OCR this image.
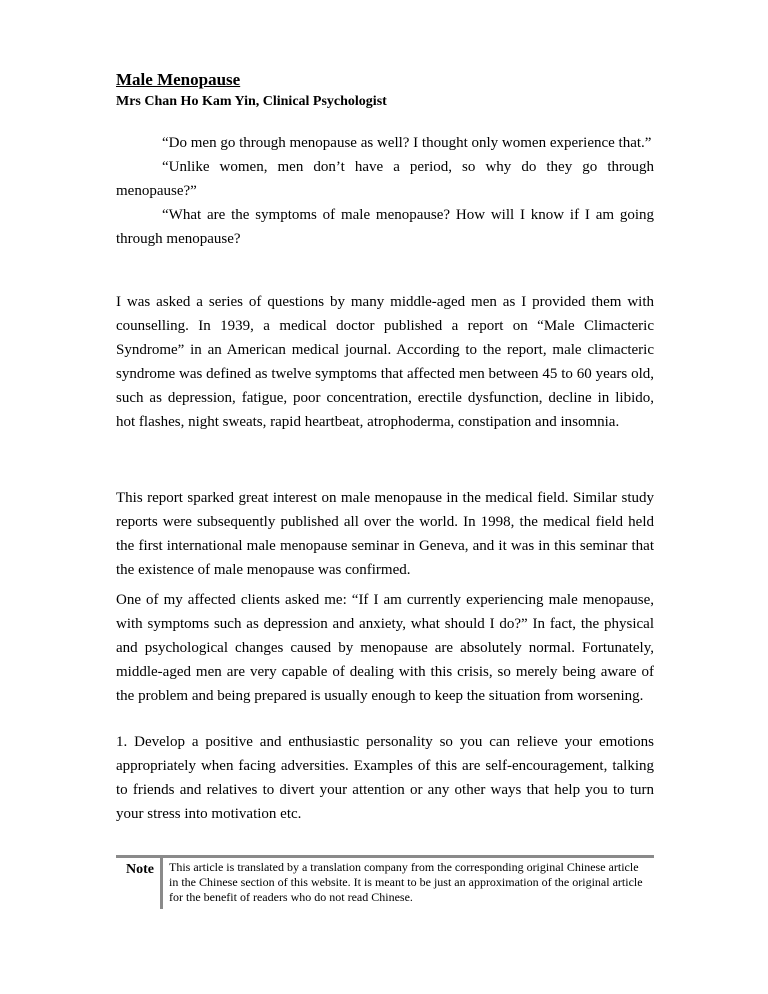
Male Menopause

Mrs Chan Ho Kam Yin, Clinical Psychologist

“Do men go through menopause as well? I thought only women experience that.”

“Unlike women, men don’t have a period, so why do they go through menopause?”

“What are the symptoms of male menopause? How will I know if I am going through menopause?

I was asked a series of questions by many middle-aged men as I provided them with counselling. In 1939, a medical doctor published a report on “Male Climacteric Syndrome” in an American medical journal. According to the report, male climacteric syndrome was defined as twelve symptoms that affected men between 45 to 60 years old, such as depression, fatigue, poor concentration, erectile dysfunction, decline in libido, hot flashes, night sweats, rapid heartbeat, atrophoderma, constipation and insomnia.

This report sparked great interest on male menopause in the medical field. Similar study reports were subsequently published all over the world. In 1998, the medical field held the first international male menopause seminar in Geneva, and it was in this seminar that the existence of male menopause was confirmed.

One of my affected clients asked me: “If I am currently experiencing male menopause, with symptoms such as depression and anxiety, what should I do?” In fact, the physical and psychological changes caused by menopause are absolutely normal. Fortunately, middle-aged men are very capable of dealing with this crisis, so merely being aware of the problem and being prepared is usually enough to keep the situation from worsening.

1. Develop a positive and enthusiastic personality so you can relieve your emotions appropriately when facing adversities. Examples of this are self-encouragement, talking to friends and relatives to divert your attention or any other ways that help you to turn your stress into motivation etc.

Note	This article is translated by a translation company from the corresponding original Chinese article in the Chinese section of this website. It is meant to be just an approximation of the original article for the benefit of readers who do not read Chinese.
